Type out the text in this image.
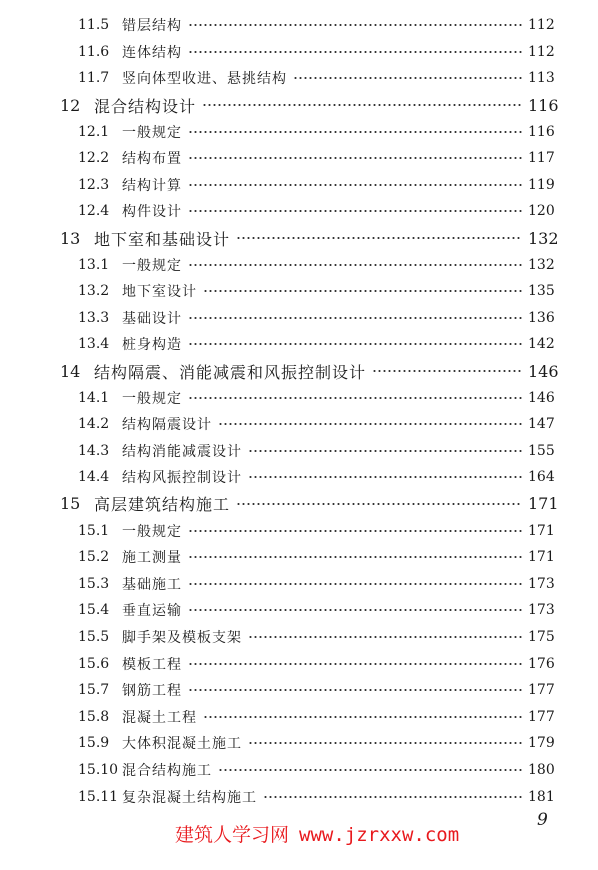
11.5 错层结构	112
11.6 连体结构	112
11.7 竖向体型收进、悬挑结构	113
12 混合结构设计	116
12.1 一般规定	116
12.2 结构布置	117
12.3 结构计算	119
12.4 构件设计	120
13 地下室和基础设计	132
13.1 一般规定	132
13.2 地下室设计	135
13.3 基础设计	136
13.4 桩身构造	142
14 结构隔震、消能减震和风振控制设计	146
14.1 一般规定	146
14.2 结构隔震设计	147
14.3 结构消能减震设计	155
14.4 结构风振控制设计	164
15 高层建筑结构施工	171
15.1 一般规定	171
15.2 施工测量	171
15.3 基础施工	173
15.4 垂直运输	173
15.5 脚手架及模板支架	175
15.6 模板工程	176
15.7 钢筋工程	177
15.8 混凝土工程	177
15.9 大体积混凝土施工	179
15.10 混合结构施工	180
15.11 复杂混凝土结构施工	181
建筑人学习网 www.jzrxxw.com
9
